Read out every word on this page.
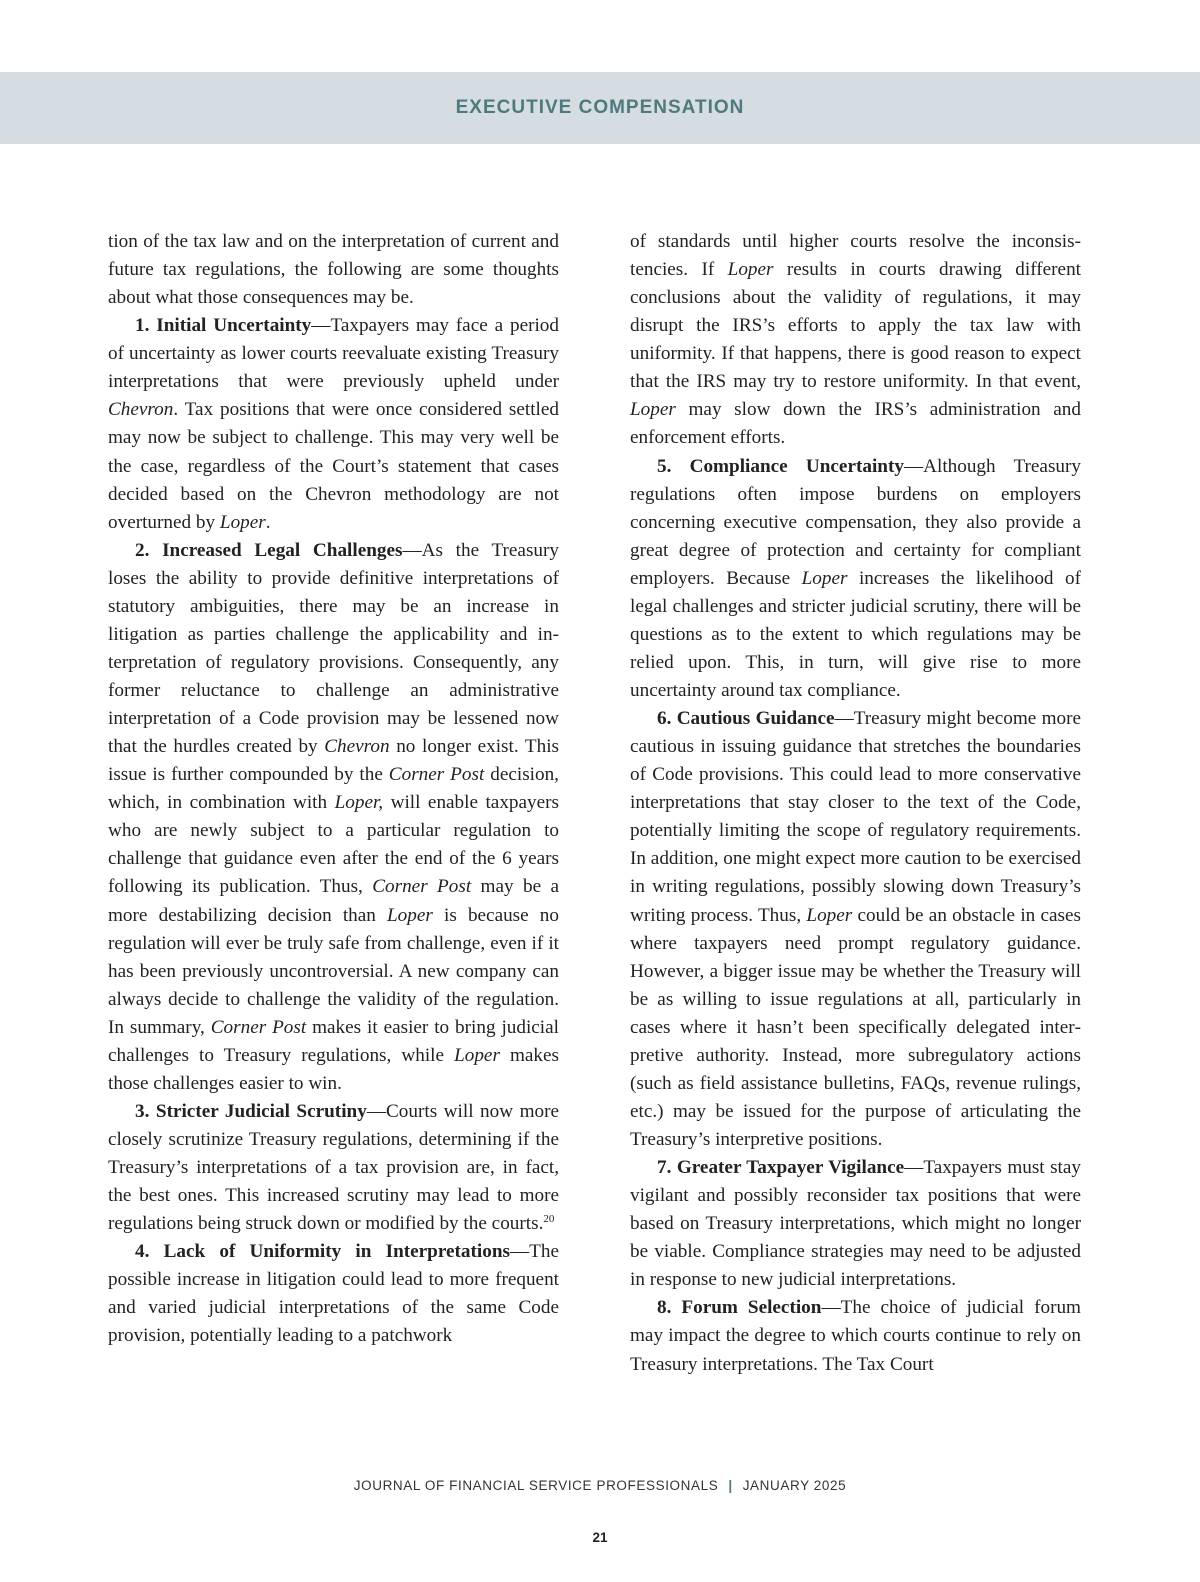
EXECUTIVE COMPENSATION

tion of the tax law and on the interpretation of current and future tax regulations, the following are some thoughts about what those consequences may be.

1. Initial Uncertainty—Taxpayers may face a period of uncertainty as lower courts reevaluate existing Treasury interpretations that were previously upheld under Chevron. Tax positions that were once considered settled may now be subject to challenge. This may very well be the case, regardless of the Court’s statement that cases decided based on the Chevron methodology are not overturned by Loper.

2. Increased Legal Challenges—As the Treasury loses the ability to provide definitive interpretations of statutory ambiguities, there may be an increase in litigation as parties challenge the applicability and interpretation of regulatory provisions. Consequently, any former reluctance to challenge an administrative interpretation of a Code provision may be lessened now that the hurdles created by Chevron no longer exist. This issue is further compounded by the Corner Post decision, which, in combination with Loper, will enable taxpayers who are newly subject to a particular regulation to challenge that guidance even after the end of the 6 years following its publication. Thus, Corner Post may be a more destabilizing decision than Loper is because no regulation will ever be truly safe from challenge, even if it has been previously uncontroversial. A new company can always decide to challenge the validity of the regulation. In summary, Corner Post makes it easier to bring judicial challenges to Treasury regulations, while Loper makes those challenges easier to win.

3. Stricter Judicial Scrutiny—Courts will now more closely scrutinize Treasury regulations, determining if the Treasury’s interpretations of a tax provision are, in fact, the best ones. This increased scrutiny may lead to more regulations being struck down or modified by the courts.$^{20}$

4. Lack of Uniformity in Interpretations—The possible increase in litigation could lead to more frequent and varied judicial interpretations of the same Code provision, potentially leading to a patchwork

of standards until higher courts resolve the inconsistencies. If Loper results in courts drawing different conclusions about the validity of regulations, it may disrupt the IRS’s efforts to apply the tax law with uniformity. If that happens, there is good reason to expect that the IRS may try to restore uniformity. In that event, Loper may slow down the IRS’s administration and enforcement efforts.

5. Compliance Uncertainty—Although Treasury regulations often impose burdens on employers concerning executive compensation, they also provide a great degree of protection and certainty for compliant employers. Because Loper increases the likelihood of legal challenges and stricter judicial scrutiny, there will be questions as to the extent to which regulations may be relied upon. This, in turn, will give rise to more uncertainty around tax compliance.

6. Cautious Guidance—Treasury might become more cautious in issuing guidance that stretches the boundaries of Code provisions. This could lead to more conservative interpretations that stay closer to the text of the Code, potentially limiting the scope of regulatory requirements. In addition, one might expect more caution to be exercised in writing regulations, possibly slowing down Treasury’s writing process. Thus, Loper could be an obstacle in cases where taxpayers need prompt regulatory guidance. However, a bigger issue may be whether the Treasury will be as willing to issue regulations at all, particularly in cases where it hasn’t been specifically delegated interpretive authority. Instead, more subregulatory actions (such as field assistance bulletins, FAQs, revenue rulings, etc.) may be issued for the purpose of articulating the Treasury’s interpretive positions.

7. Greater Taxpayer Vigilance—Taxpayers must stay vigilant and possibly reconsider tax positions that were based on Treasury interpretations, which might no longer be viable. Compliance strategies may need to be adjusted in response to new judicial interpretations.

8. Forum Selection—The choice of judicial forum may impact the degree to which courts continue to rely on Treasury interpretations. The Tax Court

JOURNAL OF FINANCIAL SERVICE PROFESSIONALS | JANUARY 2025
21
